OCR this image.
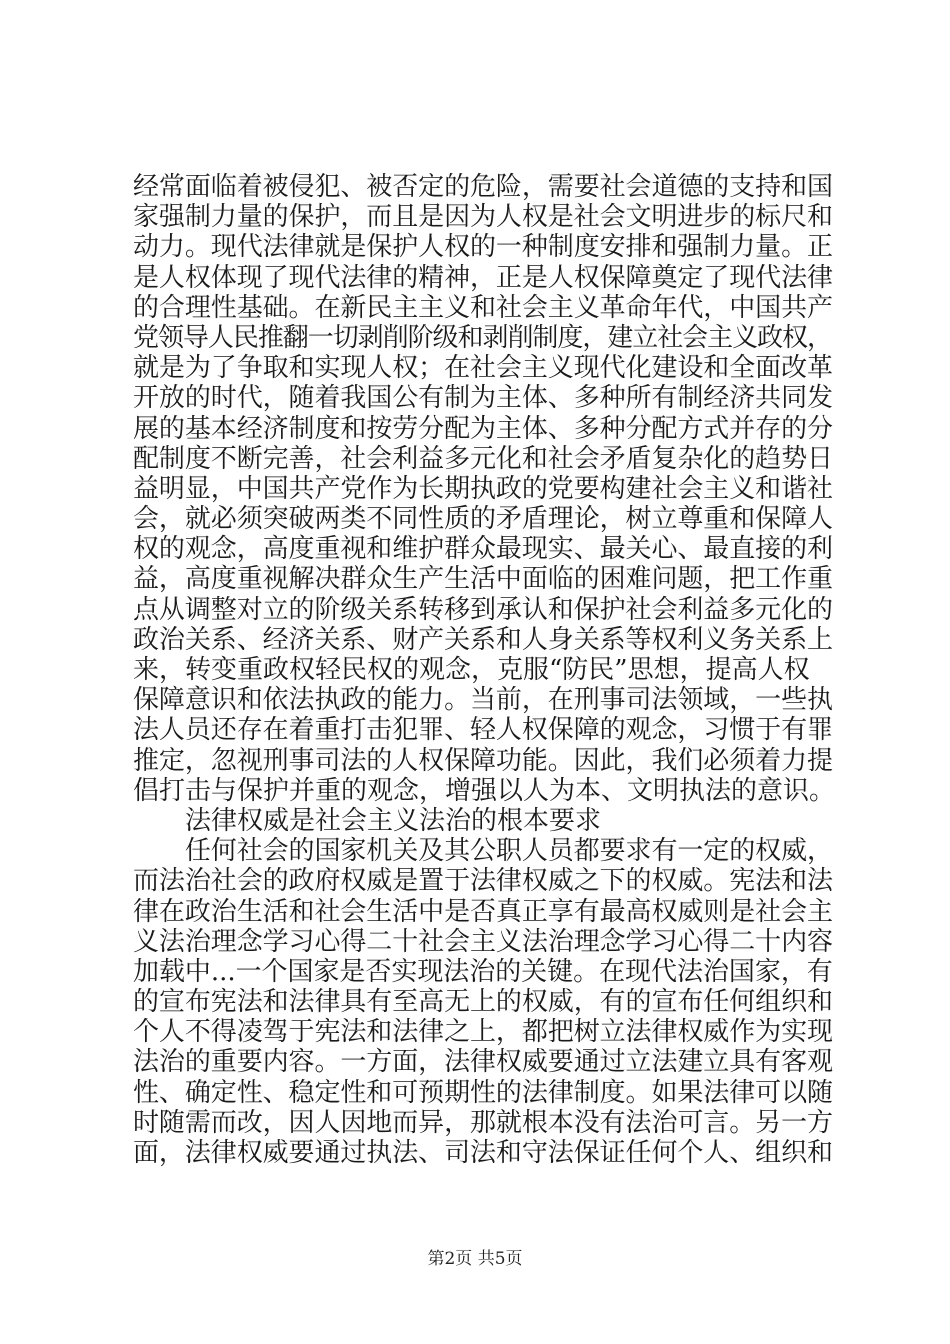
经常面临着被侵犯、被否定的危险，需要社会道德的支持和国
家强制力量的保护，而且是因为人权是社会文明进步的标尺和
动力。现代法律就是保护人权的一种制度安排和强制力量。正
是人权体现了现代法律的精神，正是人权保障奠定了现代法律
的合理性基础。在新民主主义和社会主义革命年代，中国共产
党领导人民推翻一切剥削阶级和剥削制度，建立社会主义政权，
就是为了争取和实现人权；在社会主义现代化建设和全面改革
开放的时代，随着我国公有制为主体、多种所有制经济共同发
展的基本经济制度和按劳分配为主体、多种分配方式并存的分
配制度不断完善，社会利益多元化和社会矛盾复杂化的趋势日
益明显，中国共产党作为长期执政的党要构建社会主义和谐社
会，就必须突破两类不同性质的矛盾理论，树立尊重和保障人
权的观念，高度重视和维护群众最现实、最关心、最直接的利
益，高度重视解决群众生产生活中面临的困难问题，把工作重
点从调整对立的阶级关系转移到承认和保护社会利益多元化的
政治关系、经济关系、财产关系和人身关系等权利义务关系上
来，转变重政权轻民权的观念，克服“防民”思想，提高人权
保障意识和依法执政的能力。当前，在刑事司法领域，一些执
法人员还存在着重打击犯罪、轻人权保障的观念，习惯于有罪
推定，忽视刑事司法的人权保障功能。因此，我们必须着力提
倡打击与保护并重的观念，增强以人为本、文明执法的意识。
　　法律权威是社会主义法治的根本要求
　　任何社会的国家机关及其公职人员都要求有一定的权威，
而法治社会的政府权威是置于法律权威之下的权威。宪法和法
律在政治生活和社会生活中是否真正享有最高权威则是社会主
义法治理念学习心得二十社会主义法治理念学习心得二十内容
加载中...一个国家是否实现法治的关键。在现代法治国家，有
的宣布宪法和法律具有至高无上的权威，有的宣布任何组织和
个人不得凌驾于宪法和法律之上，都把树立法律权威作为实现
法治的重要内容。一方面，法律权威要通过立法建立具有客观
性、确定性、稳定性和可预期性的法律制度。如果法律可以随
时随需而改，因人因地而异，那就根本没有法治可言。另一方
面，法律权威要通过执法、司法和守法保证任何个人、组织和
第2页 共5页
